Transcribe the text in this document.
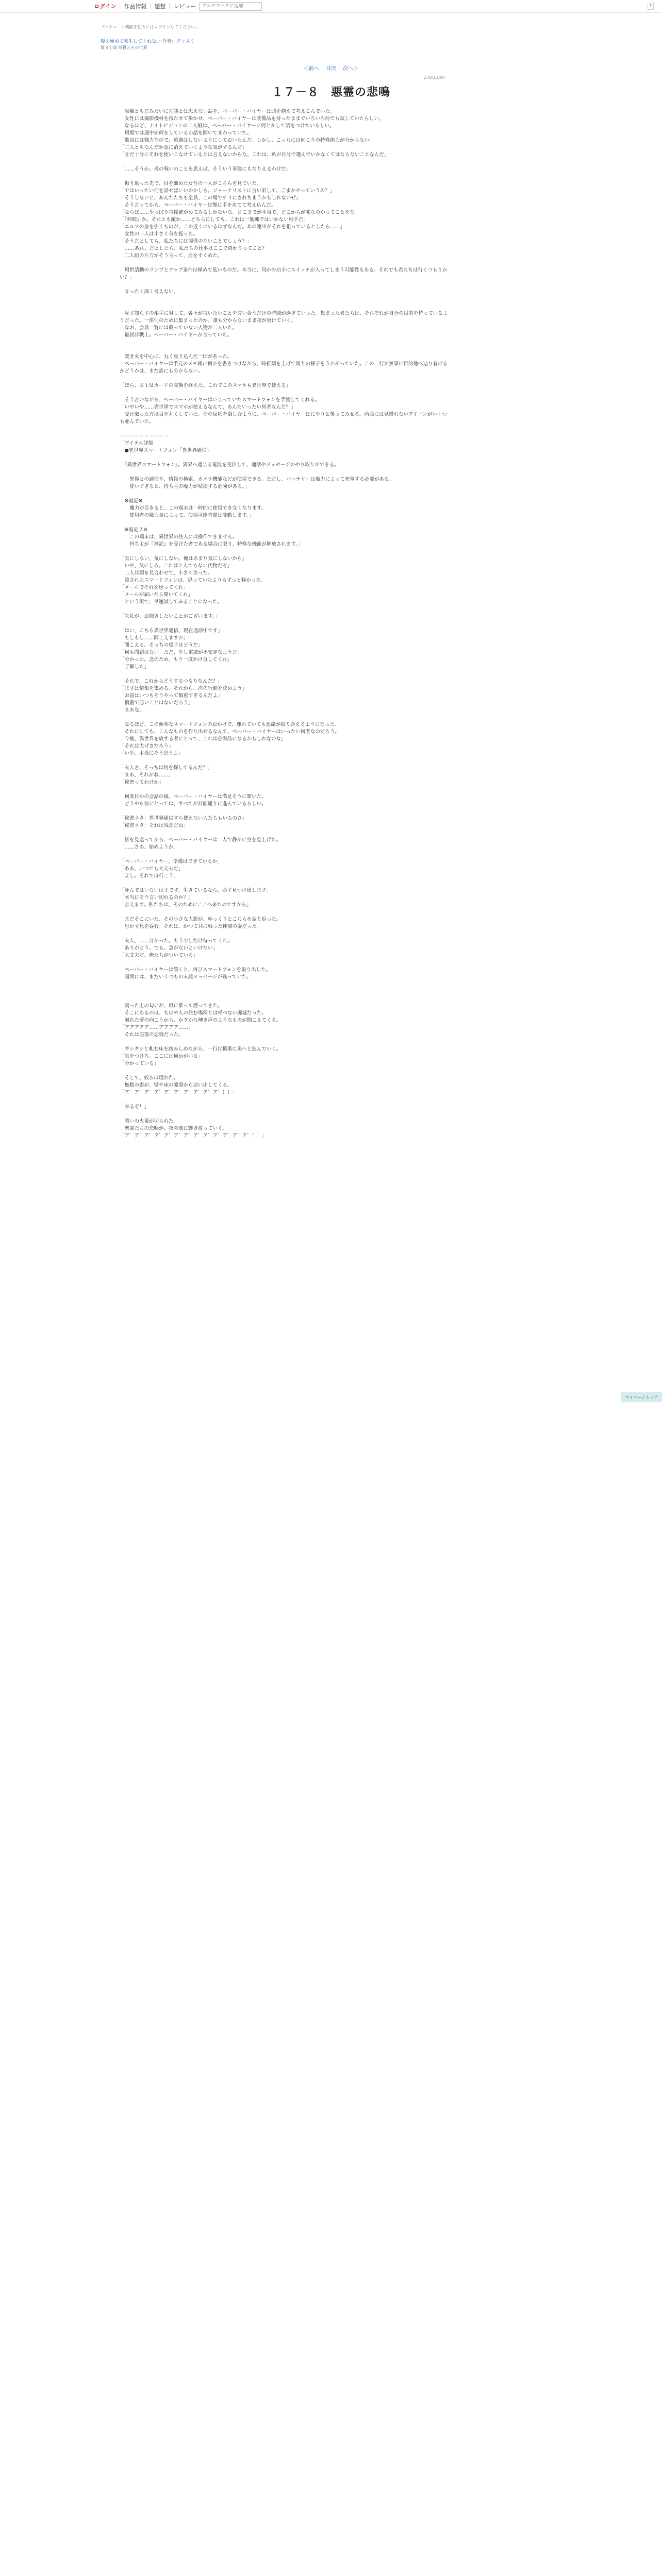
ログイン 作品情報 感想 レビュー
ブックマークに追加	?
ブックマーク機能を使うにはログインしてください。
腹を極めて転生してくれない 作者：グッスミ
第８七章 悪役とその世界
＜前へ 目次 次へ＞
278/1,004
１７－８　悪霊の悲鳴

　原爆ともだみたいに冗談とは思えない話を、ペーパー・バイヤーは頭を抱えて考えこんでいた。

　女性には撮影機材を持たせて歩かせ、ペーパー・バイヤーは装備品を持ったままでいろいろ何でも試していたらしい。

　なるほど、ナイトビジョンの二人組は、ペーパー・バイヤーに何とかして話をつけたいらしい。

　現場では連中が何をしているか話を聞いてまわっていた。

「数回には強力なので、遠慮はしないようにしておいたんだ。しかし、こっちには向こうの特殊能力が分からない」

「二人ともなんだか急に消えていくような気がするんだ」

「まだ十分にそれを使いこなせているとは言えないからな。これは、私が自分で選んでいかなくてはならないことなんだ」

「……そうか。炎の呪いのことを思えば、そういう事態にもなりえるわけだ」

　振り返った先で、目を細めた女性の一人がこちらを見ていた。

「ではいったい何を話せばいいのかしら。ジャーナリストに言い訳して、ごまかせっていうの？」

「そうしないと、あんたたちも全員、この場でチリにされちまうかもしれないぜ」

　そう言ってから、ペーパー・バイヤーは顎に手をあてて考え込んだ。

「ならば……やっぱり直接確かめてみるしかないな。どこまでが本当で、どこからが嘘なのかってことをな」

「『仲間』か。それとも敵か……どちらにしても、これは一筋縄ではいかない相手だ」

「エルフの血を引くものが、この近くにいるはずなんだ。あの連中がそれを狙っているとしたら……」

　女性の一人は小さく首を振った。

「そうだとしても、私たちには関係のないことでしょう？」

　……あれ、だとしたら、私たちの仕事はここで終わりってこと？

　二人組の片方がそう言って、肩をすくめた。

「現世活動のランプとアップ条件は極めて低いものだ。本当に、何かの拍子にスイッチが入ってしまう可能性もある。それでも君たちは行くつもりかい？」

　まったく深く考えない。

　見ず知らずの相手に対して、各々が言いたいことを言い合うだけの時間が過ぎていった。集まった者たちは、それぞれが自分の目的を持っているようだった。一体何のために集まったのか、誰も分からないまま夜が更けていく。

　なお、会員一覧には載っていない人物が二人いた。

　最初は戦士。ペーパー・バイヤーが言っていた。

　焚き火を中心に、丸く座り込んだ一団があった。

　ペーパー・バイヤーは手元のメモ帳に何かを書きつけながら、時折顔を上げて周りの様子をうかがっていた。この一行が無事に目的地へ辿り着けるかどうかは、まだ誰にも分からない。

「ほら、ＳＩＭカードの交換を終えた。これでこのスマホも異世界で使える」

　そう言いながら、ペーパー・バイヤーはいじっていたスマートフォンを手渡してくれる。

「いやいや……異世界でスマホが使えるなんて、あんたいったい何者なんだ？」

　受け取った方は目を丸くしていた。その反応を楽しむように、ペーパー・バイヤーはにやりと笑ってみせる。画面には見慣れないアイコンがいくつも並んでいた。

＝＝＝＝＝＝＝＝＝＝

「アイテム詳細

　●異世界スマートフォン「異世界通信」

「『異世界スマートフォン』。異界へ通じる電波を受信して、通話やメッセージのやり取りができる。

　　異界との通信や、情報の検索、カメラ機能などが使用できる。ただし、バッテリーは魔力によって充電する必要がある。

　　使いすぎると、持ち主の魔力が枯渇する危険がある。」

「※追記※

　　魔力が尽きると、この端末は一時的に使用できなくなります。

　　使用者の魔力量によって、使用可能時間は変動します。」

「※追記２※

　　この端末は、異世界の住人には操作できません。

　　持ち主が『神託』を受けた者である場合に限り、特殊な機能が解放されます。」

「気にしない、気にしない。俺はあまり気にしないから」

「いや、気にしろ。これはとんでもない代物だぞ」

　二人は顔を見合わせて、小さく笑った。

　渡されたスマートフォンは、思っていたよりもずっと軽かった。

「メールでそれを送ってくれ」

「メールが届いたら開いてくれ」

　という訳で、早速試してみることになった。

「失礼が、お聞きしたいことがございます。」

「はい、こちら異世界通信、現在通話中です」

「もしもし……聞こえますか」

「聞こえる。そっちの様子はどうだ」

「何も問題はない。ただ、少し電波が不安定なようだ」

「分かった。念のため、もう一度かけ直してくれ」

「了解した」

「それで、これからどうするつもりなんだ？」

「まずは情報を集める。それから、次の行動を決めよう」

「お前はいつもそうやって慎重すぎるんだよ」

「慎重で悪いことはないだろう」

「まあな」

　なるほど、この便利なスマートフォンのおかげで、離れていても連絡が取り合えるようになった。

　それにしても、こんなものを作り出せるなんて、ペーパー・バイヤーはいったい何者なのだろう。

「今後、異世界を旅する者にとって、これは必需品になるかもしれないな」

「それは大げさだろう」

「いや、本当にそう思うよ」

「夫人さ、そっちは何を探してるんだ？」

「まあ、それがね……」

「秘密ってわけか」

　何度目かの会話の後、ペーパー・バイヤーは満足そうに頷いた。

　どうやら彼にとっては、すべてが計画通りに進んでいるらしい。

「秘書ネタ：異世界通信すら使えない人たちもいるのさ」

「秘書ネタ：それは残念だね」

　皆を見送ってから、ペーパー・バイヤーは一人で静かに空を見上げた。

「……さあ、始めようか」

「ペーパー・バイヤー、準備はできているか」

「ああ、いつでも大丈夫だ」

「よし。それでは行こう」

「死んではいないはずです。生きているなら、必ず見つけ出します」

「本当にそう言い切れるのか？」

「言えます。私たちは、そのためにここへ来たのですから」

　まだそこにいた、その小さな人影が、ゆっくりとこちらを振り返った。

　思わず息を呑む。それは、かつて共に戦った仲間の姿だった。

「夫人、……分かった。もう少しだけ待ってくれ」

「ありがとう。でも、急がないといけない」

「大丈夫だ。俺たちがついている」

　ペーパー・バイヤーは頷くと、再びスマートフォンを取り出した。

　画面には、まだいくつもの未読メッセージが残っていた。

　腐った土の匂いが、風に乗って漂ってきた。

　そこにあるのは、もはや人の住む場所とは呼べない廃墟だった。

　崩れた壁の向こうから、かすかな呻き声のようなものが聞こえてくる。

「アアアアア……アアアア……」

　それは悪霊の悲鳴だった。

　ギシギシと軋む床を踏みしめながら、一行は慎重に奥へと進んでいく。

「気をつけろ。ここには何かがいる」

「分かっている」

　そして、奴らは現れた。

　無数の影が、壁や床の隙間から這い出してくる。

「ア゛ア゛ア゛ア゛ア゛ア゛ア゛ア゛ア゛ア゛！！」

「来るぞ！」

　戦いの火蓋が切られた。

　悪霊たちの悲鳴が、夜の闇に響き渡っていく。

「ア゛ア゛ア゛ア゛ア゛ア゛ア゛ア゛ア゛ア゛ア゛ア゛ア゛！！」

マイページトップ
